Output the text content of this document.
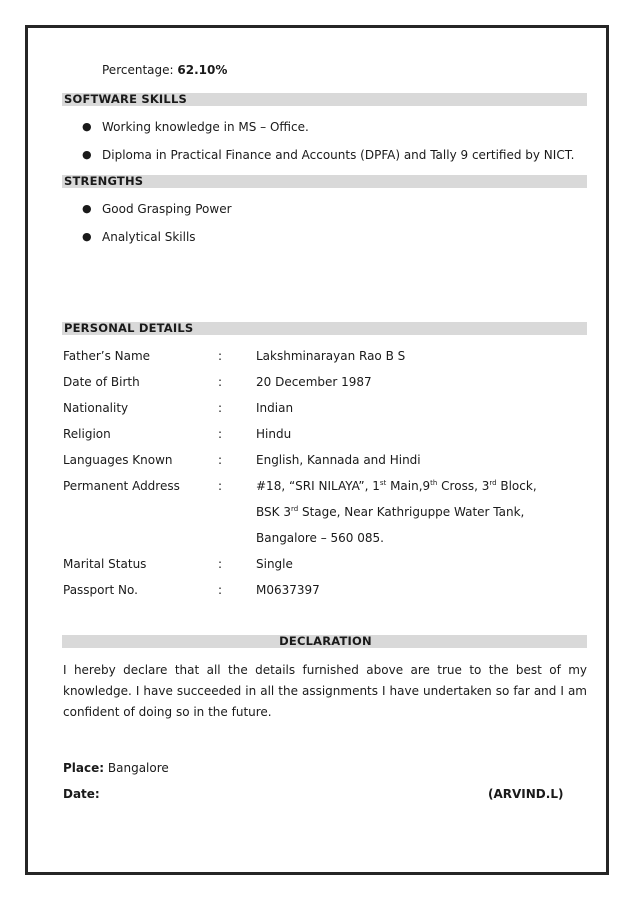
Percentage: 62.10%
SOFTWARE SKILLS
● Working knowledge in MS – Office.
● Diploma in Practical Finance and Accounts (DPFA) and Tally 9 certified by NICT.
STRENGTHS
● Good Grasping Power
● Analytical Skills
PERSONAL DETAILS
Father’s Name	:	Lakshminarayan Rao B S
Date of Birth	:	20 December 1987
Nationality	:	Indian
Religion	:	Hindu
Languages Known	:	English, Kannada and Hindi
Permanent Address	:	#18, “SRI NILAYA”, 1st Main,9th Cross, 3rd Block,
BSK 3rd Stage, Near Kathriguppe Water Tank,
Bangalore – 560 085.
Marital Status	:	Single
Passport No.	:	M0637397
DECLARATION
I hereby declare that all the details furnished above are true to the best of my knowledge. I have succeeded in all the assignments I have undertaken so far and I am confident of doing so in the future.
Place: Bangalore
Date:	(ARVIND.L)
